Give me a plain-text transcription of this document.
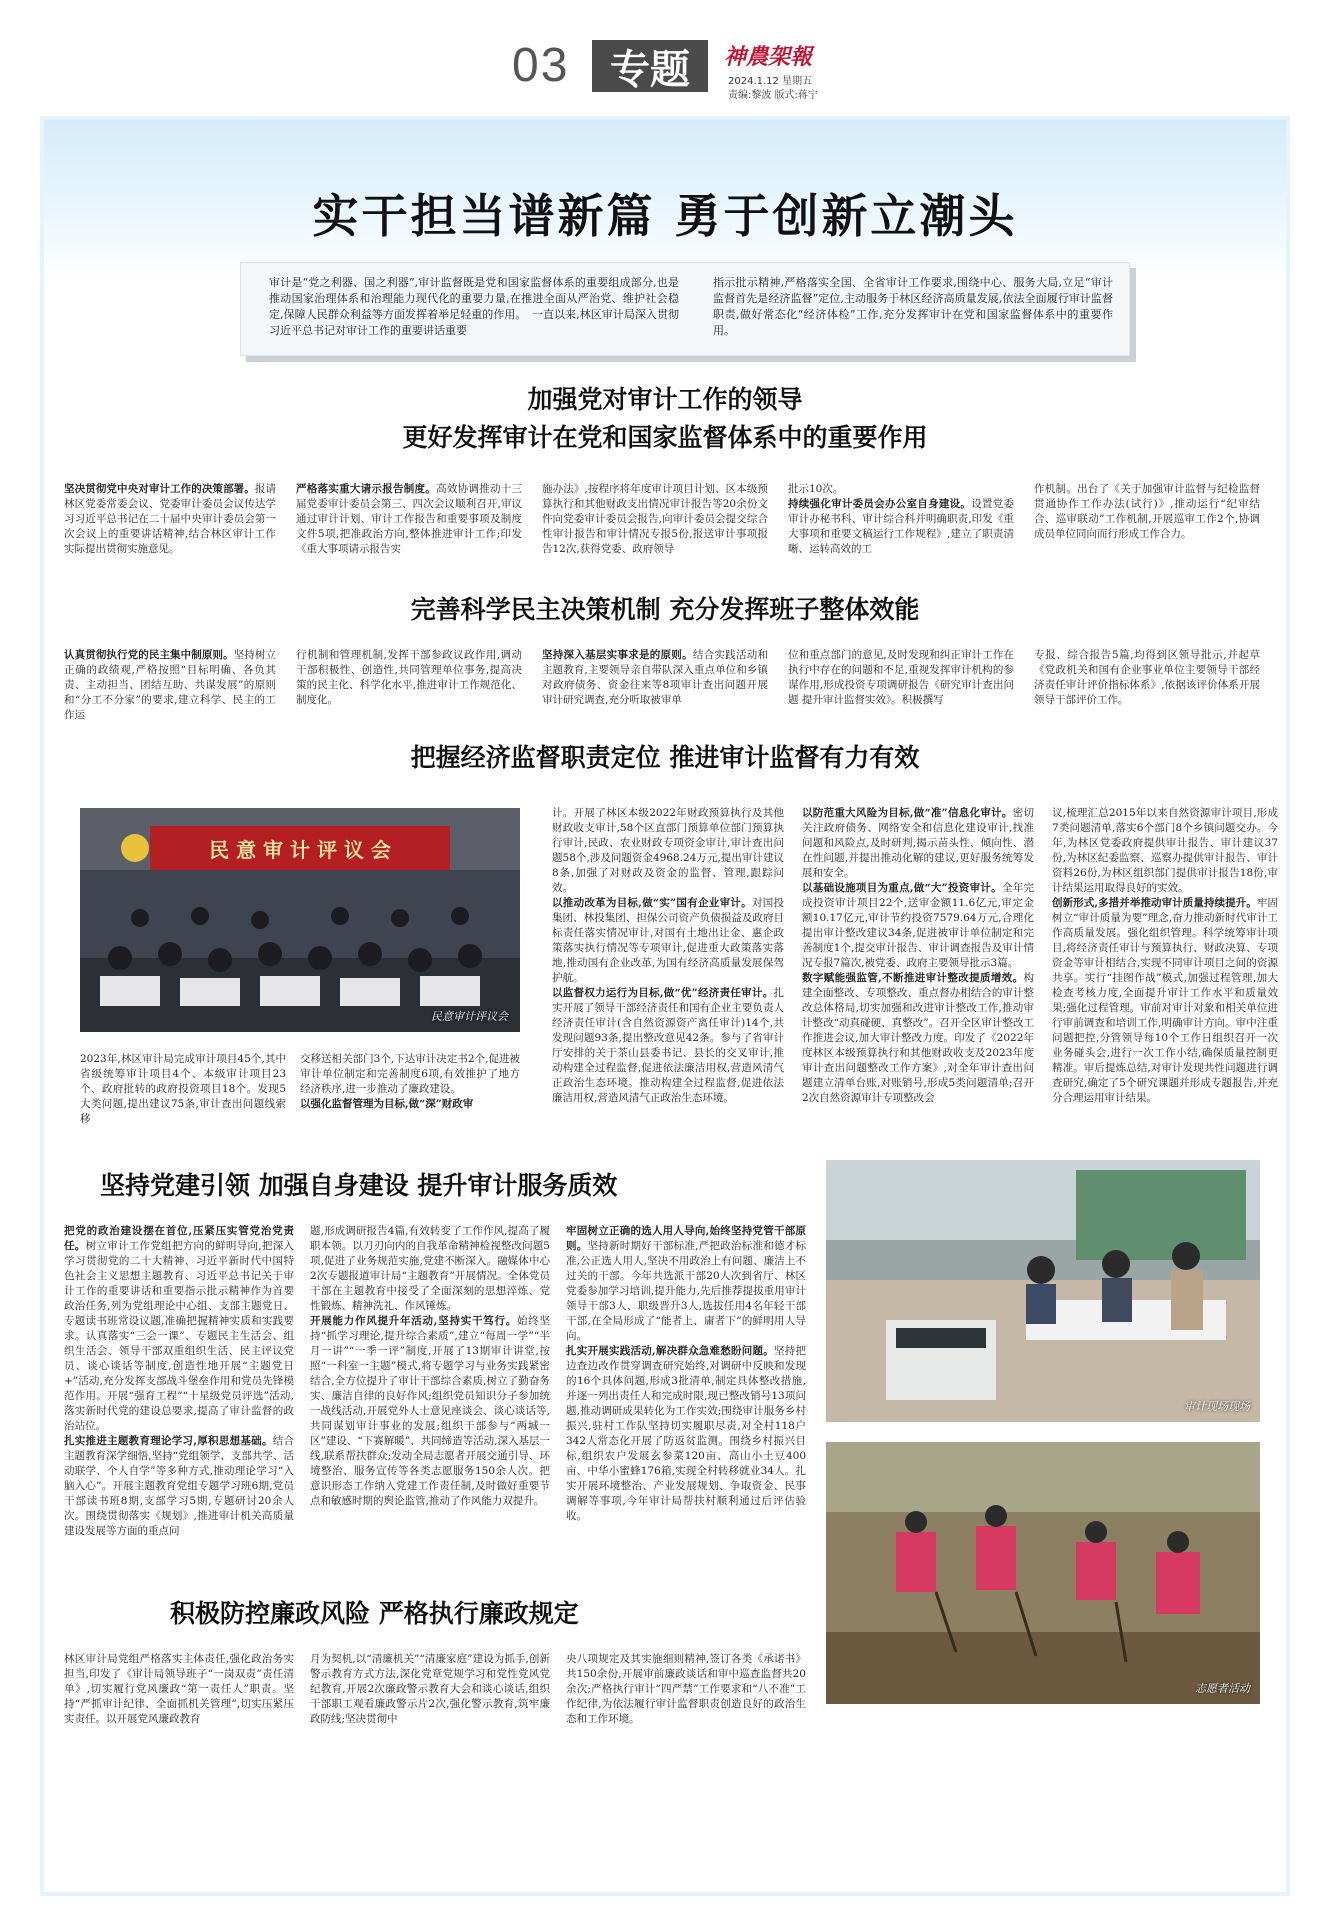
03	专题	神農架報
2024.1.12 星期五
责编:黎波 版式:蒋宁
实干担当谱新篇 勇于创新立潮头
审计是“党之利器、国之利器”,审计监督既是党和国家监督体系的重要组成部分,也是推动国家治理体系和治理能力现代化的重要力量,在推进全面从严治党、维护社会稳定,保障人民群众利益等方面发挥着举足轻重的作用。　一直以来,林区审计局深入贯彻习近平总书记对审计工作的重要讲话重要
指示批示精神,严格落实全国、全省审计工作要求,围绕中心、服务大局,立足“审计监督首先是经济监督”定位,主动服务于林区经济高质量发展,依法全面履行审计监督职责,做好常态化“经济体检”工作,充分发挥审计在党和国家监督体系中的重要作用。
加强党对审计工作的领导
更好发挥审计在党和国家监督体系中的重要作用
坚决贯彻党中央对审计工作的决策部署。报请林区党委常委会议、党委审计委员会议传达学习习近平总书记在二十届中央审计委员会第一次会议上的重要讲话精神,结合林区审计工作实际提出贯彻实施意见。
严格落实重大请示报告制度。高效协调推动十三届党委审计委员会第三、四次会议顺利召开,审议通过审计计划、审计工作报告和重要事项及制度文件5项,把准政治方向,整体推进审计工作;印发《重大事项请示报告实
施办法》,按程序将年度审计项目计划、区本级预算执行和其他财政支出情况审计报告等20余份文件向党委审计委员会报告,向审计委员会提交综合性审计报告和审计情况专报5份,报送审计事项报告12次,获得党委、政府领导
批示10次。
持续强化审计委员会办公室自身建设。设置党委审计办秘书科、审计综合科并明确职责,印发《重大事项和重要文稿运行工作规程》,建立了职责清晰、运转高效的工
作机制。出台了《关于加强审计监督与纪检监督贯通协作工作办法(试行)》,推动运行“纪审结合、巡审联动”工作机制,开展巡审工作2个,协调成员单位同向而行形成工作合力。
完善科学民主决策机制 充分发挥班子整体效能
认真贯彻执行党的民主集中制原则。坚持树立正确的政绩观,严格按照“目标明确、各负其责、主动担当、团结互助、共谋发展”的原则和“分工不分家”的要求,建立科学、民主的工作运
行机制和管理机制,发挥干部参政议政作用,调动干部积极性、创造性,共同管理单位事务,提高决策的民主化、科学化水平,推进审计工作规范化、制度化。
坚持深入基层实事求是的原则。结合实践活动和主题教育,主要领导亲自带队深入重点单位和乡镇对政府债务、资金往来等8项审计查出问题开展审计研究调查,充分听取被审单
位和重点部门的意见,及时发现和纠正审计工作在执行中存在的问题和不足,重视发挥审计机构的参谋作用,形成投资专项调研报告《研究审计查出问题 提升审计监督实效》。积极撰写
专报、综合报告5篇,均得到区领导批示,并起草《党政机关和国有企业事业单位主要领导干部经济责任审计评价指标体系》,依据该评价体系开展领导干部评价工作。
把握经济监督职责定位 推进审计监督有力有效
民 意 审 计 评 议 会
民意审计评议会
2023年,林区审计局完成审计项目45个,其中省级统筹审计项目4个、本级审计项目23个、政府批转的政府投资项目18个。发现5大类问题,提出建议75条,审计查出问题线索移
交移送相关部门3个,下达审计决定书2个,促进被审计单位制定和完善制度6项,有效推护了地方经济秩序,进一步推动了廉政建设。
以强化监督管理为目标,做“深”财政审
计。开展了林区本级2022年财政预算执行及其他财政收支审计,58个区直部门预算单位部门预算执行审计,民政、农业财政专项资金审计,审计查出问题58个,涉及问题资金4968.24万元,提出审计建议8条,加强了对财政及资金的监督、管理,跟踪问效。
以推动改革为目标,做“实”国有企业审计。对国投集团、林投集团、担保公司资产负债损益及政府目标责任落实情况审计,对国有土地出让金、惠企政策落实执行情况等专项审计,促进重大政策落实落地,推动国有企业改革,为国有经济高质量发展保驾护航。
以监督权力运行为目标,做“优”经济责任审计。扎实开展了领导干部经济责任和国有企业主要负责人经济责任审计(含自然资源资产离任审计)14个,共发现问题93条,提出整改意见42条。参与了省审计厅安排的关于茶山县委书记、县长的交叉审计,推动构建全过程监督,促进依法廉洁用权,营造风清气正政治生态环境。推动构建全过程监督,促进依法廉洁用权,营造风清气正政治生态环境。
以防范重大风险为目标,做“准”信息化审计。密切关注政府债务、网络安全和信息化建设审计,找准问题和风险点,及时研判,揭示苗头性、倾向性、潜在性问题,并提出推动化解的建议,更好服务统筹发展和安全。
以基础设施项目为重点,做“大”投资审计。全年完成投资审计项目22个,送审金额11.6亿元,审定金额10.17亿元,审计节约投资7579.64万元,合理化提出审计整改建议34条,促进被审计单位制定和完善制度1个,提交审计报告、审计调查报告及审计情况专报7篇次,被党委、政府主要领导批示3篇。
数字赋能强监管,不断推进审计整改提质增效。构建全面整改、专项整改、重点督办相结合的审计整改总体格局,切实加强和改进审计整改工作,推动审计整改“动真碰硬、真整改”。召开全区审计整改工作推进会议,加大审计整改力度。印发了《2022年度林区本级预算执行和其他财政收支及2023年度审计查出问题整改工作方案》,对全年审计查出问题建立清单台账,对账销号,形成5类问题清单;召开2次自然资源审计专项整改会
议,梳理汇总2015年以来自然资源审计项目,形成7类问题清单,落实6个部门8个乡镇问题交办。今年,为林区党委政府提供审计报告、审计建议37份,为林区纪委监察、巡察办提供审计报告、审计资料26份,为林区组织部门提供审计报告18份,审计结果运用取得良好的实效。
创新形式,多措并举推动审计质量持续提升。牢固树立“审计质量为要”理念,奋力推动新时代审计工作高质量发展。强化组织管理。科学统筹审计项目,将经济责任审计与预算执行、财政决算、专项资金等审计相结合,实现不同审计项目之间的资源共享。实行“挂图作战”模式,加强过程管理,加大检查考核力度,全面提升审计工作水平和质量效果;强化过程管理。审前对审计对象和相关单位进行审前调查和培训工作,明确审计方向。审中注重问题把控,分管领导每10个工作日组织召开一次业务碰头会,进行一次工作小结,确保质量控制更精准。审后提炼总结,对审计发现共性问题进行调查研究,确定了5个研究课题并形成专题报告,并充分合理运用审计结果。
坚持党建引领 加强自身建设 提升审计服务质效
把党的政治建设摆在首位,压紧压实管党治党责任。树立审计工作党组把方向的鲜明导向,把深入学习贯彻党的二十大精神、习近平新时代中国特色社会主义思想主题教育、习近平总书记关于审计工作的重要讲话和重要指示批示精神作为首要政治任务,列为党组理论中心组、支部主题党日、专题读书班常设议题,准确把握精神实质和实践要求。认真落实“三会一课”、专题民主生活会、组织生活会、领导干部双重组织生活、民主评议党员、谈心谈话等制度,创造性地开展“主题党日+”活动,充分发挥支部战斗堡垒作用和党员先锋模范作用。开展“强育工程”“十星级党员评选”活动,落实新时代党的建设总要求,提高了审计监督的政治站位。
扎实推进主题教育理论学习,厚积思想基础。结合主题教育深学细悟,坚持“党组领学、支部共学、活动联学、个人自学”等多种方式,推动理论学习“入脑入心”。开展主题教育党组专题学习班6期,党员干部读书班8期,支部学习5期,专题研讨20余人次。围绕贯彻落实《规划》,推进审计机关高质量建设发展等方面的重点问
题,形成调研报告4篇,有效转变了工作作风,提高了履职本领。以刀刃向内的自我革命精神检视整改问题5项,促进了业务规范实施,党建不断深入。融媒体中心2次专题报道审计局“主题教育”开展情况。全体党员干部在主题教育中接受了全面深刻的思想淬炼、党性锻炼、精神洗礼、作风锤炼。
开展能力作风提升年活动,坚持实干笃行。始终坚持“抓学习理论,提升综合素质”,建立“每周一学”“半月一讲”“一季一评”制度,开展了13期审计讲堂,按照“一科室一主题”模式,将专题学习与业务实践紧密结合,全方位提升了审计干部综合素质,树立了勤奋务实、廉洁自律的良好作风;组织党员知识分子参加统一战线活动,开展党外人士意见座谈会、谈心谈话等,共同谋划审计事业的发展;组织干部参与“两城一区”建设、“下赛解暖”、共同缔造等活动,深入基层一线,联系帮扶群众;发动全局志愿者开展交通引导、环境整治、服务宣传等各类志愿服务150余人次。把意识形态工作纳入党建工作责任制,及时做好重要节点和敏感时期的舆论监管,推动了作风能力双提升。
牢固树立正确的选人用人导向,始终坚持党管干部原则。坚持新时期好干部标准,严把政治标准和德才标准,公正选人用人,坚决不用政治上有问题、廉洁上不过关的干部。今年共选派干部20人次到省厅、林区党委参加学习培训,提升能力,先后推荐提拔重用审计领导干部3人、职级晋升3人,选拔任用4名年轻干部干部,在全局形成了“能者上、庸者下”的鲜明用人导向。
扎实开展实践活动,解决群众急难愁盼问题。坚持把边查边改作贯穿调查研究始终,对调研中反映和发现的16个具体问题,形成3批清单,制定具体整改措施,并逐一列出责任人和完成时限,现已整改销号13项问题,推动调研成果转化为工作实效;围绕审计服务乡村振兴,驻村工作队坚持切实履职尽责,对全村118户342人常态化开展了防返贫监测。围绕乡村振兴目标,组织农户发展玄参菜120亩、高山小土豆400亩、中华小蜜蜂176箱,实现全村转移就业34人。扎实开展环境整治、产业发展规划、争取资金、民事调解等事项,今年审计局帮扶村顺利通过后评估验收。
审计现场现场
志愿者活动
积极防控廉政风险 严格执行廉政规定
林区审计局党组严格落实主体责任,强化政治务实担当,印发了《审计局领导班子“一岗双责”责任清单》,切实履行党风廉政“第一责任人”职责。坚持“严抓审计纪律、全面抓机关管理”,切实压紧压实责任。以开展党风廉政教育
月为契机,以“清廉机关”“清廉家庭”建设为抓手,创新警示教育方式方法,深化党章党规学习和党性党风党纪教育,开展2次廉政警示教育大会和谈心谈话,组织干部职工观看廉政警示片2次,强化警示教育,筑牢廉政防线;坚决贯彻中
央八项规定及其实施细则精神,签订各类《承诺书》共150余份,开展审前廉政谈话和审中巡查监督共20余次;严格执行审计“四严禁”工作要求和“八不准”工作纪律,为依法履行审计监督职责创造良好的政治生态和工作环境。
